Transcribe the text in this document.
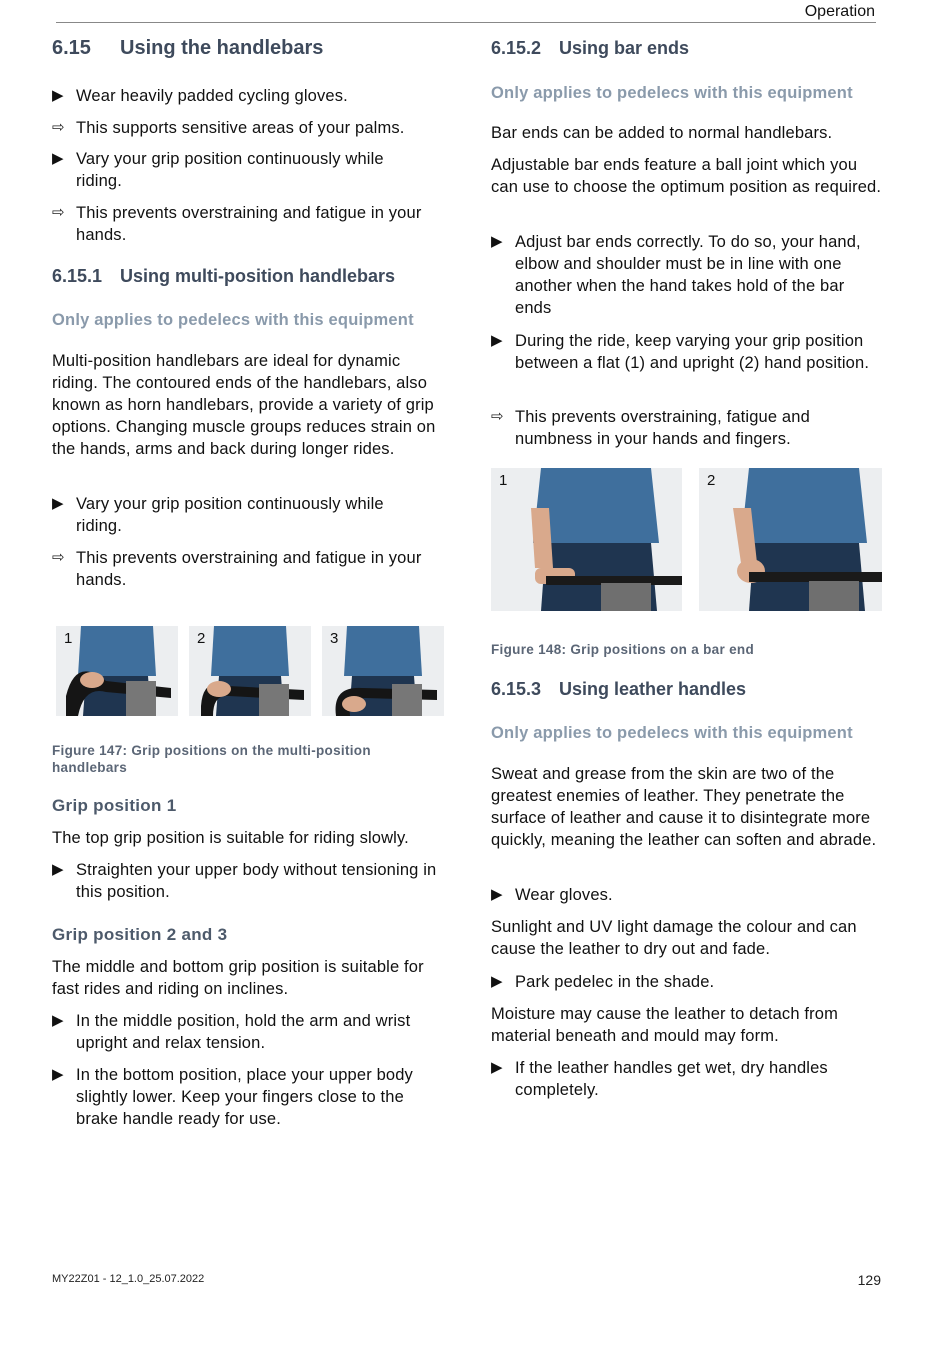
Operation
6.15 Using the handlebars
▶ Wear heavily padded cycling gloves.
⇨ This supports sensitive areas of your palms.
▶ Vary your grip position continuously while riding.
⇨ This prevents overstraining and fatigue in your hands.
6.15.1 Using multi-position handlebars
Only applies to pedelecs with this equipment
Multi-position handlebars are ideal for dynamic riding. The contoured ends of the handlebars, also known as horn handlebars, provide a variety of grip options. Changing muscle groups reduces strain on the hands, arms and back during longer rides.
▶ Vary your grip position continuously while riding.
⇨ This prevents overstraining and fatigue in your hands.
1	2	3
Figure 147: Grip positions on the multi-position handlebars
Grip position 1
The top grip position is suitable for riding slowly.
▶ Straighten your upper body without tensioning in this position.
Grip position 2 and 3
The middle and bottom grip position is suitable for fast rides and riding on inclines.
▶ In the middle position, hold the arm and wrist upright and relax tension.
▶ In the bottom position, place your upper body slightly lower. Keep your fingers close to the brake handle ready for use.
6.15.2 Using bar ends
Only applies to pedelecs with this equipment
Bar ends can be added to normal handlebars.
Adjustable bar ends feature a ball joint which you can use to choose the optimum position as required.
▶ Adjust bar ends correctly. To do so, your hand, elbow and shoulder must be in line with one another when the hand takes hold of the bar ends
▶ During the ride, keep varying your grip position between a flat (1) and upright (2) hand position.
⇨ This prevents overstraining, fatigue and numbness in your hands and fingers.
1	2
Figure 148: Grip positions on a bar end
6.15.3 Using leather handles
Only applies to pedelecs with this equipment
Sweat and grease from the skin are two of the greatest enemies of leather. They penetrate the surface of leather and cause it to disintegrate more quickly, meaning the leather can soften and abrade.
▶ Wear gloves.
Sunlight and UV light damage the colour and can cause the leather to dry out and fade.
▶ Park pedelec in the shade.
Moisture may cause the leather to detach from material beneath and mould may form.
▶ If the leather handles get wet, dry handles completely.
MY22Z01 - 12_1.0_25.07.2022	129
